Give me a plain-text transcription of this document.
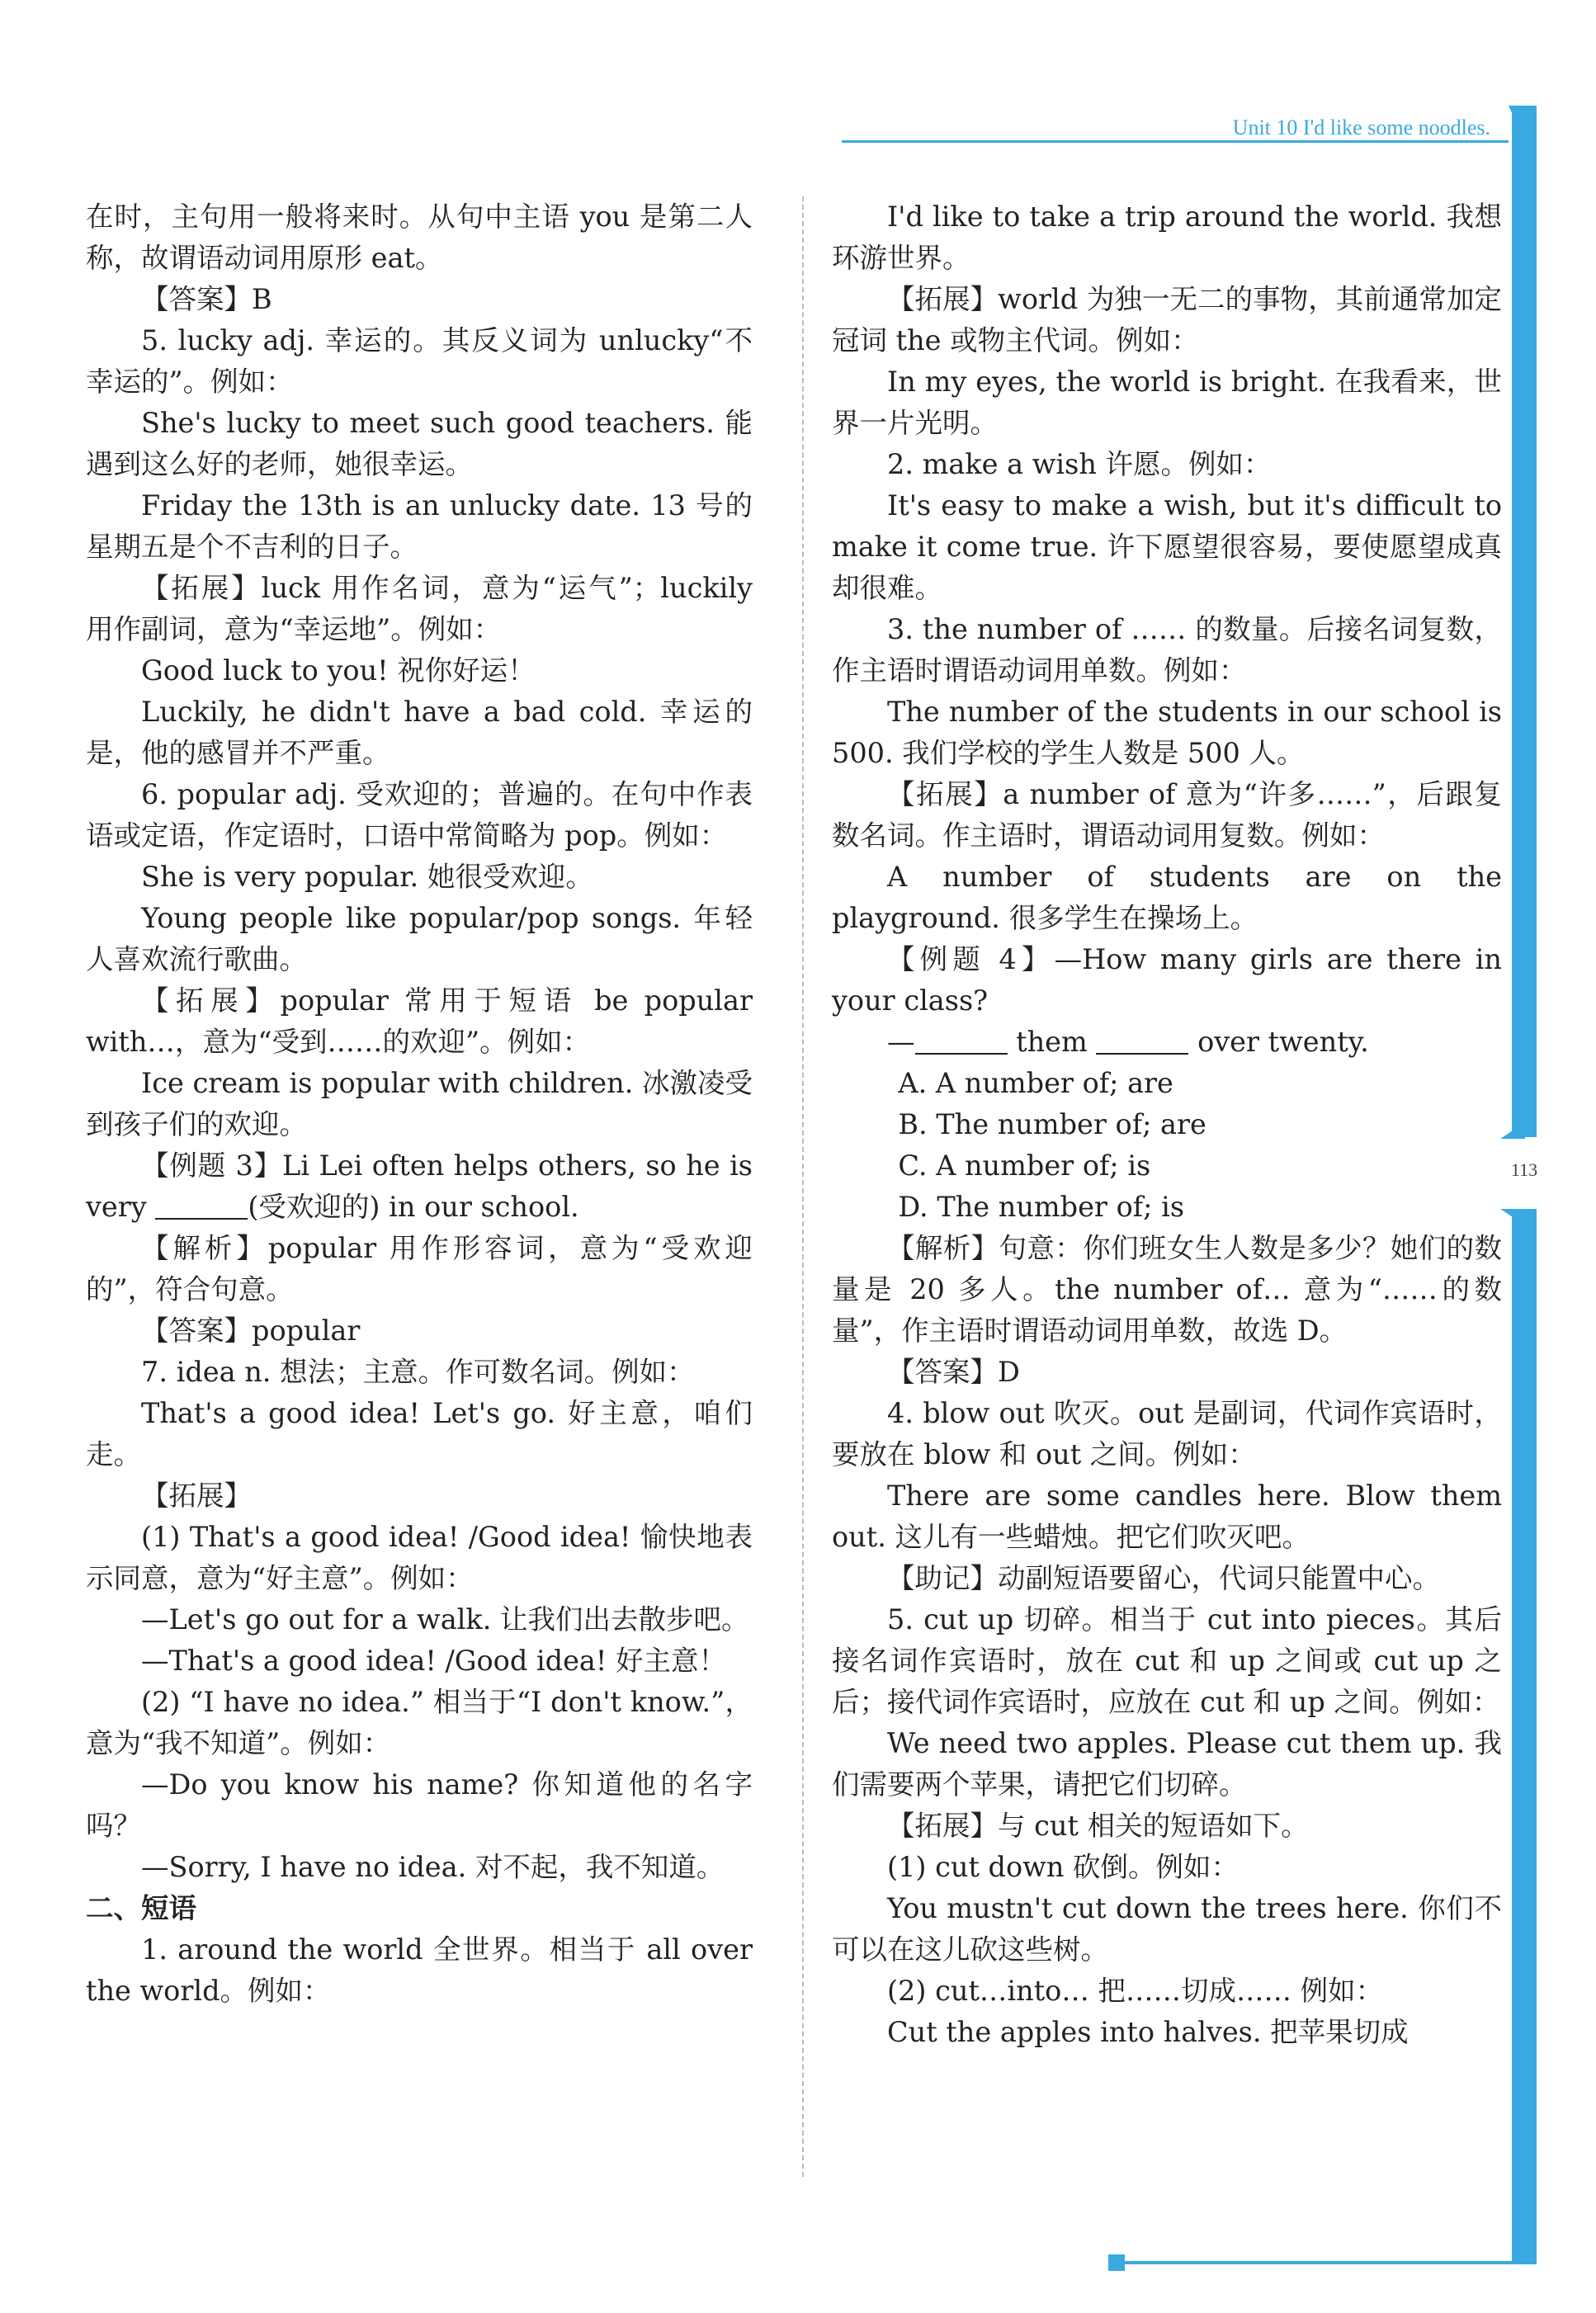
Unit 10 I'd like some noodles.
113

在时，主句用一般将来时。从句中主语 you 是第二人称，故谓语动词用原形 eat。

【答案】B

5. lucky adj. 幸运的。其反义词为 unlucky“不幸运的”。例如：

She's lucky to meet such good teachers. 能遇到这么好的老师，她很幸运。

Friday the 13th is an unlucky date. 13 号的星期五是个不吉利的日子。

【拓展】luck 用作名词，意为“运气”；luckily 用作副词，意为“幸运地”。例如：

Good luck to you! 祝你好运！

Luckily, he didn't have a bad cold. 幸运的是，他的感冒并不严重。

6. popular adj. 受欢迎的；普遍的。在句中作表语或定语，作定语时，口语中常简略为 pop。例如：

She is very popular. 她很受欢迎。

Young people like popular/pop songs. 年轻人喜欢流行歌曲。

【拓展】popular 常用于短语 be popular with…，意为“受到……的欢迎”。例如：

Ice cream is popular with children. 冰激凌受到孩子们的欢迎。

【例题 3】Li Lei often helps others, so he is very	(受欢迎的) in our school.

【解析】popular 用作形容词，意为“受欢迎的”，符合句意。

【答案】popular

7. idea n. 想法；主意。作可数名词。例如：

That's a good idea! Let's go. 好主意，咱们走。

【拓展】

(1) That's a good idea! /Good idea! 愉快地表示同意，意为“好主意”。例如：

—Let's go out for a walk. 让我们出去散步吧。

—That's a good idea! /Good idea! 好主意！

(2) “I have no idea.” 相当于“I don't know.”，意为“我不知道”。例如：

—Do you know his name? 你知道他的名字吗？

—Sorry, I have no idea. 对不起，我不知道。

二、短语

1. around the world 全世界。相当于 all over the world。例如：

I'd like to take a trip around the world. 我想环游世界。

【拓展】world 为独一无二的事物，其前通常加定冠词 the 或物主代词。例如：

In my eyes, the world is bright. 在我看来，世界一片光明。

2. make a wish 许愿。例如：

It's easy to make a wish, but it's difficult to make it come true. 许下愿望很容易，要使愿望成真却很难。

3. the number of …… 的数量。后接名词复数，作主语时谓语动词用单数。例如：

The number of the students in our school is 500. 我们学校的学生人数是 500 人。

【拓展】a number of 意为“许多……”，后跟复数名词。作主语时，谓语动词用复数。例如：

A number of students are on the playground. 很多学生在操场上。

【例题 4】—How many girls are there in your class?

—	them	over twenty.

A. A number of; are

B. The number of; are

C. A number of; is

D. The number of; is

【解析】句意：你们班女生人数是多少？她们的数量是 20 多人。the number of… 意为“……的数量”，作主语时谓语动词用单数，故选 D。

【答案】D

4. blow out 吹灭。out 是副词，代词作宾语时，要放在 blow 和 out 之间。例如：

There are some candles here. Blow them out. 这儿有一些蜡烛。把它们吹灭吧。

【助记】动副短语要留心，代词只能置中心。

5. cut up 切碎。相当于 cut into pieces。其后接名词作宾语时，放在 cut 和 up 之间或 cut up 之后；接代词作宾语时，应放在 cut 和 up 之间。例如：

We need two apples. Please cut them up. 我们需要两个苹果，请把它们切碎。

【拓展】与 cut 相关的短语如下。

(1) cut down 砍倒。例如：

You mustn't cut down the trees here. 你们不可以在这儿砍这些树。

(2) cut…into… 把……切成…… 例如：

Cut the apples into halves. 把苹果切成
